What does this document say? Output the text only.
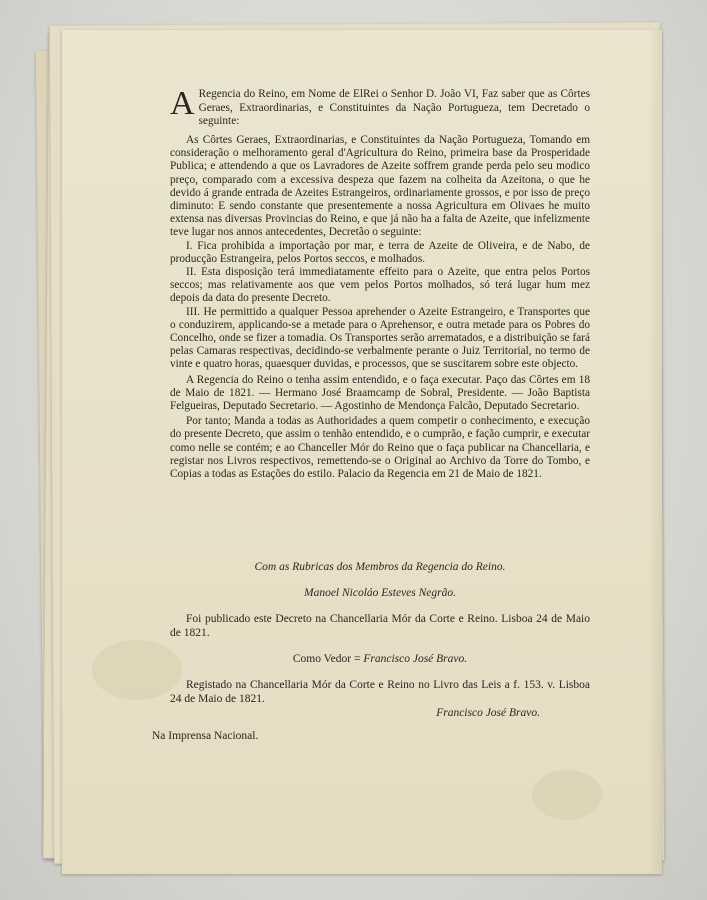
A Regencia do Reino, em Nome de ElRei o Senhor D. João VI, Faz saber que as Côrtes Geraes, Extraordinarias, e Constituintes da Nação Portugueza, tem Decretado o seguinte:

As Côrtes Geraes, Extraordinarias, e Constituintes da Nação Portugueza, Tomando em consideração o melhoramento geral d'Agricultura do Reino, primeira base da Prosperidade Publica; e attendendo a que os Lavradores de Azeite soffrem grande perda pelo seu modico preço, comparado com a excessiva despeza que fazem na colheita da Azeitona, o que he devido á grande entrada de Azeites Estrangeiros, ordinariamente grossos, e por isso de preço diminuto: E sendo constante que presentemente a nossa Agricultura em Olivaes he muito extensa nas diversas Provincias do Reino, e que já não ha a falta de Azeite, que infelizmente teve lugar nos annos antecedentes, Decretão o seguinte:

I. Fica prohibida a importação por mar, e terra de Azeite de Oliveira, e de Nabo, de producção Estrangeira, pelos Portos seccos, e molhados.

II. Esta disposição terá immediatamente effeito para o Azeite, que entra pelos Portos seccos; mas relativamente aos que vem pelos Portos molhados, só terá lugar hum mez depois da data do presente Decreto.

III. He permittido a qualquer Pessoa aprehender o Azeite Estrangeiro, e Transportes que o conduzirem, applicando-se a metade para o Aprehensor, e outra metade para os Pobres do Concelho, onde se fizer a tomadia. Os Transportes serão arrematados, e a distribuição se fará pelas Camaras respectivas, decidindo-se verbalmente perante o Juiz Territorial, no termo de vinte e quatro horas, quaesquer duvidas, e processos, que se suscitarem sobre este objecto.

A Regencia do Reino o tenha assim entendido, e o faça executar. Paço das Côrtes em 18 de Maio de 1821. — Hermano José Braamcamp de Sobral, Presidente. — João Baptista Felgueiras, Deputado Secretario. — Agostinho de Mendonça Falcão, Deputado Secretario.

Por tanto; Manda a todas as Authoridades a quem competir o conhecimento, e execução do presente Decreto, que assim o tenhão entendido, e o cumprão, e fação cumprir, e executar como nelle se contém; e ao Chanceller Mór do Reino que o faça publicar na Chancellaria, e registar nos Livros respectivos, remettendo-se o Original ao Archivo da Torre do Tombo, e Copias a todas as Estações do estilo. Palacio da Regencia em 21 de Maio de 1821.

Com as Rubricas dos Membros da Regencia do Reino.

Manoel Nicoláo Esteves Negrão.

Foi publicado este Decreto na Chancellaria Mór da Corte e Reino. Lisboa 24 de Maio de 1821.

Como Vedor = Francisco José Bravo.

Registado na Chancellaria Mór da Corte e Reino no Livro das Leis a f. 153. v. Lisboa 24 de Maio de 1821.

Francisco José Bravo.

Na Imprensa Nacional.
